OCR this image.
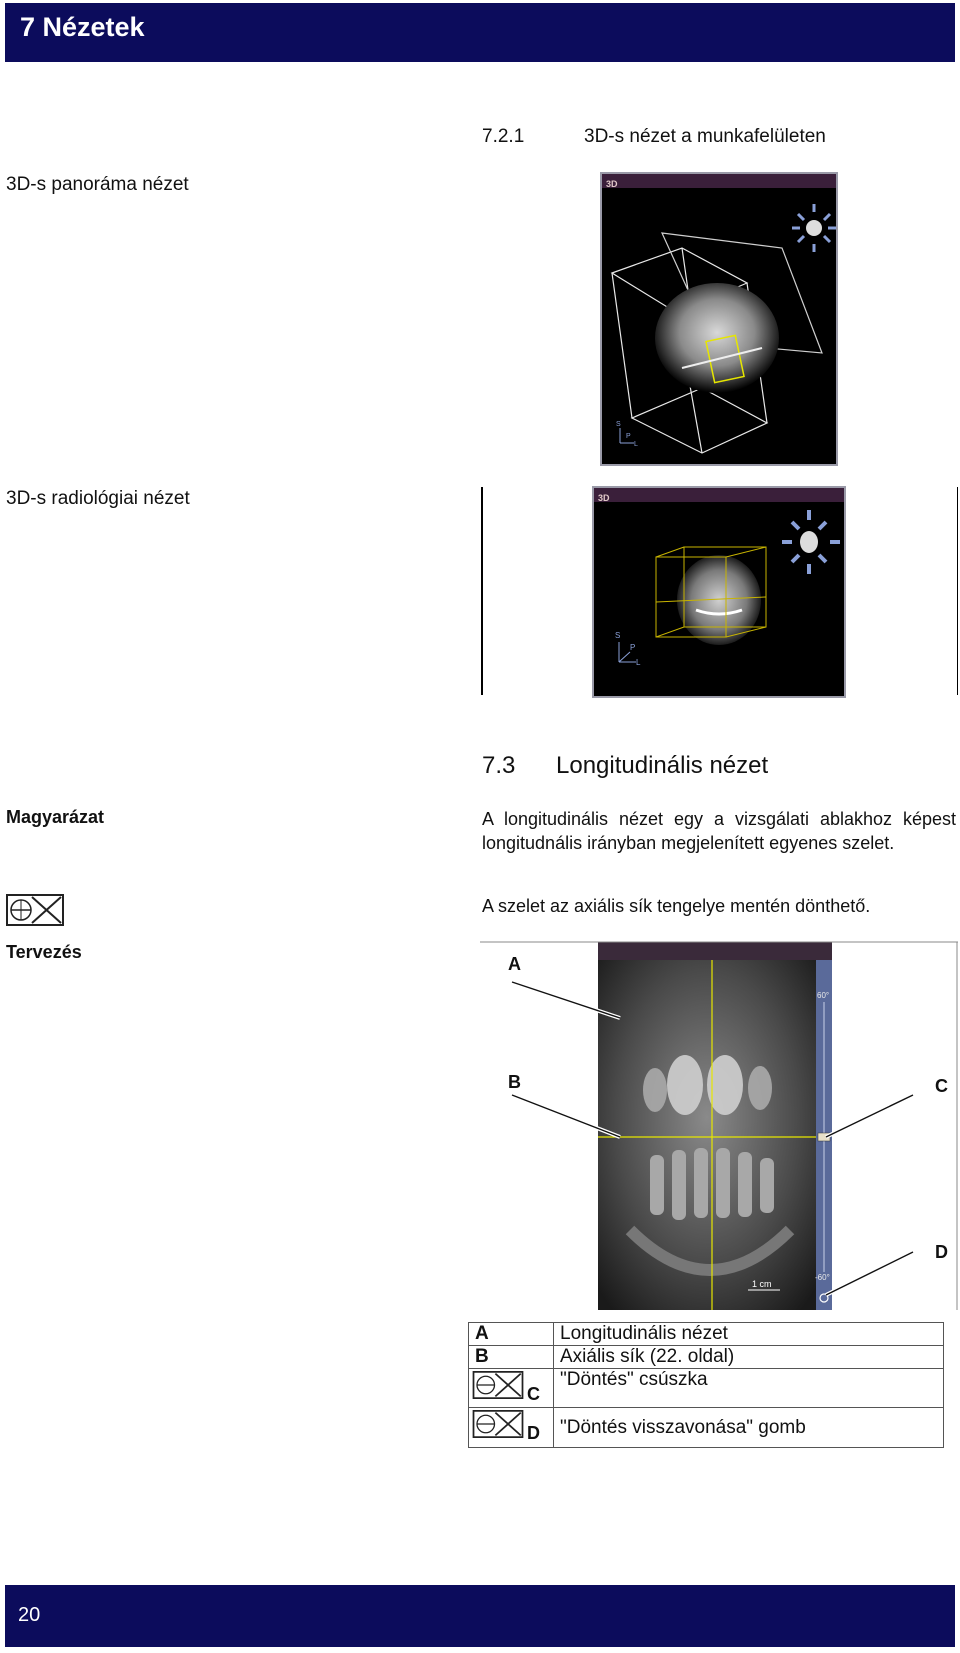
7 Nézetek
7.2.1	3D-s nézet a munkafelületen
3D-s panoráma nézet	3D
S
P
L
3D-s radiológiai nézet	3D
S
P
L
7.3 Longitudinális nézet
Magyarázat	A longitudinális nézet egy a vizsgálati ablakhoz képest longitudnális irányban megjelenített egyenes szelet.
A szelet az axiális sík tengelye mentén dönthető.
Tervezés
1 cm
60°
-60°
A
B	C
D
A	Longitudinális nézet
B	Axiális sík (22. oldal)

C	"Döntés" csúszka

D	"Döntés visszavonása" gomb
20
